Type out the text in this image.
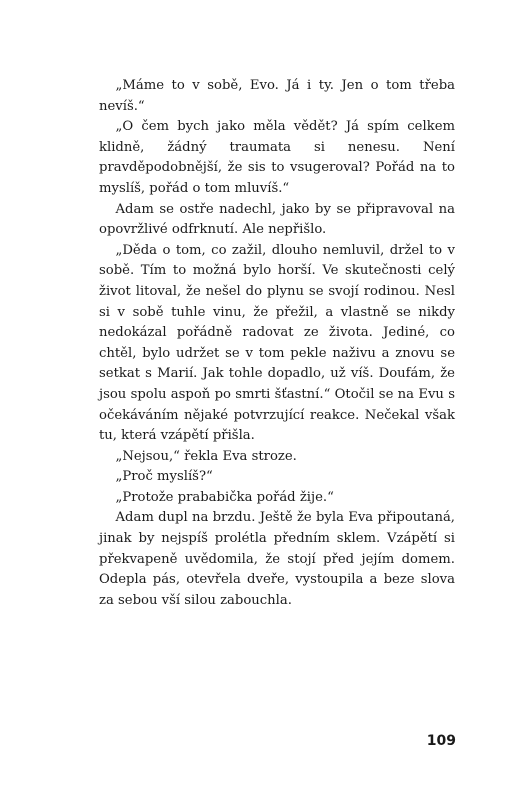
„Máme to v sobě, Evo. Já i ty. Jen o tom třeba nevíš.“

„O čem bych jako měla vědět? Já spím celkem klidně, žádný traumata si nenesu. Není pravděpodobnější, že sis to vsugeroval? Pořád na to myslíš, pořád o tom mluvíš.“

Adam se ostře nadechl, jako by se připravoval na opovržlivé odfrknutí. Ale nepřišlo.

„Děda o tom, co zažil, dlouho nemluvil, držel to v sobě. Tím to možná bylo horší. Ve skutečnosti celý život litoval, že nešel do plynu se svojí rodinou. Nesl si v sobě tuhle vinu, že přežil, a vlastně se nikdy nedokázal pořádně radovat ze života. Jediné, co chtěl, bylo udržet se v tom pekle naživu a znovu se setkat s Marií. Jak tohle dopadlo, už víš. Doufám, že jsou spolu aspoň po smrti šťastní.“ Otočil se na Evu s očekáváním nějaké potvrzující reakce. Nečekal však tu, která vzápětí přišla.

„Nejsou,“ řekla Eva stroze.

„Proč myslíš?“

„Protože prababička pořád žije.“

Adam dupl na brzdu. Ještě že byla Eva připoutaná, jinak by nejspíš prolétla předním sklem. Vzápětí si překvapeně uvědomila, že stojí před jejím domem. Odepla pás, otevřela dveře, vystoupila a beze slova za sebou vší silou zabouchla.

109
